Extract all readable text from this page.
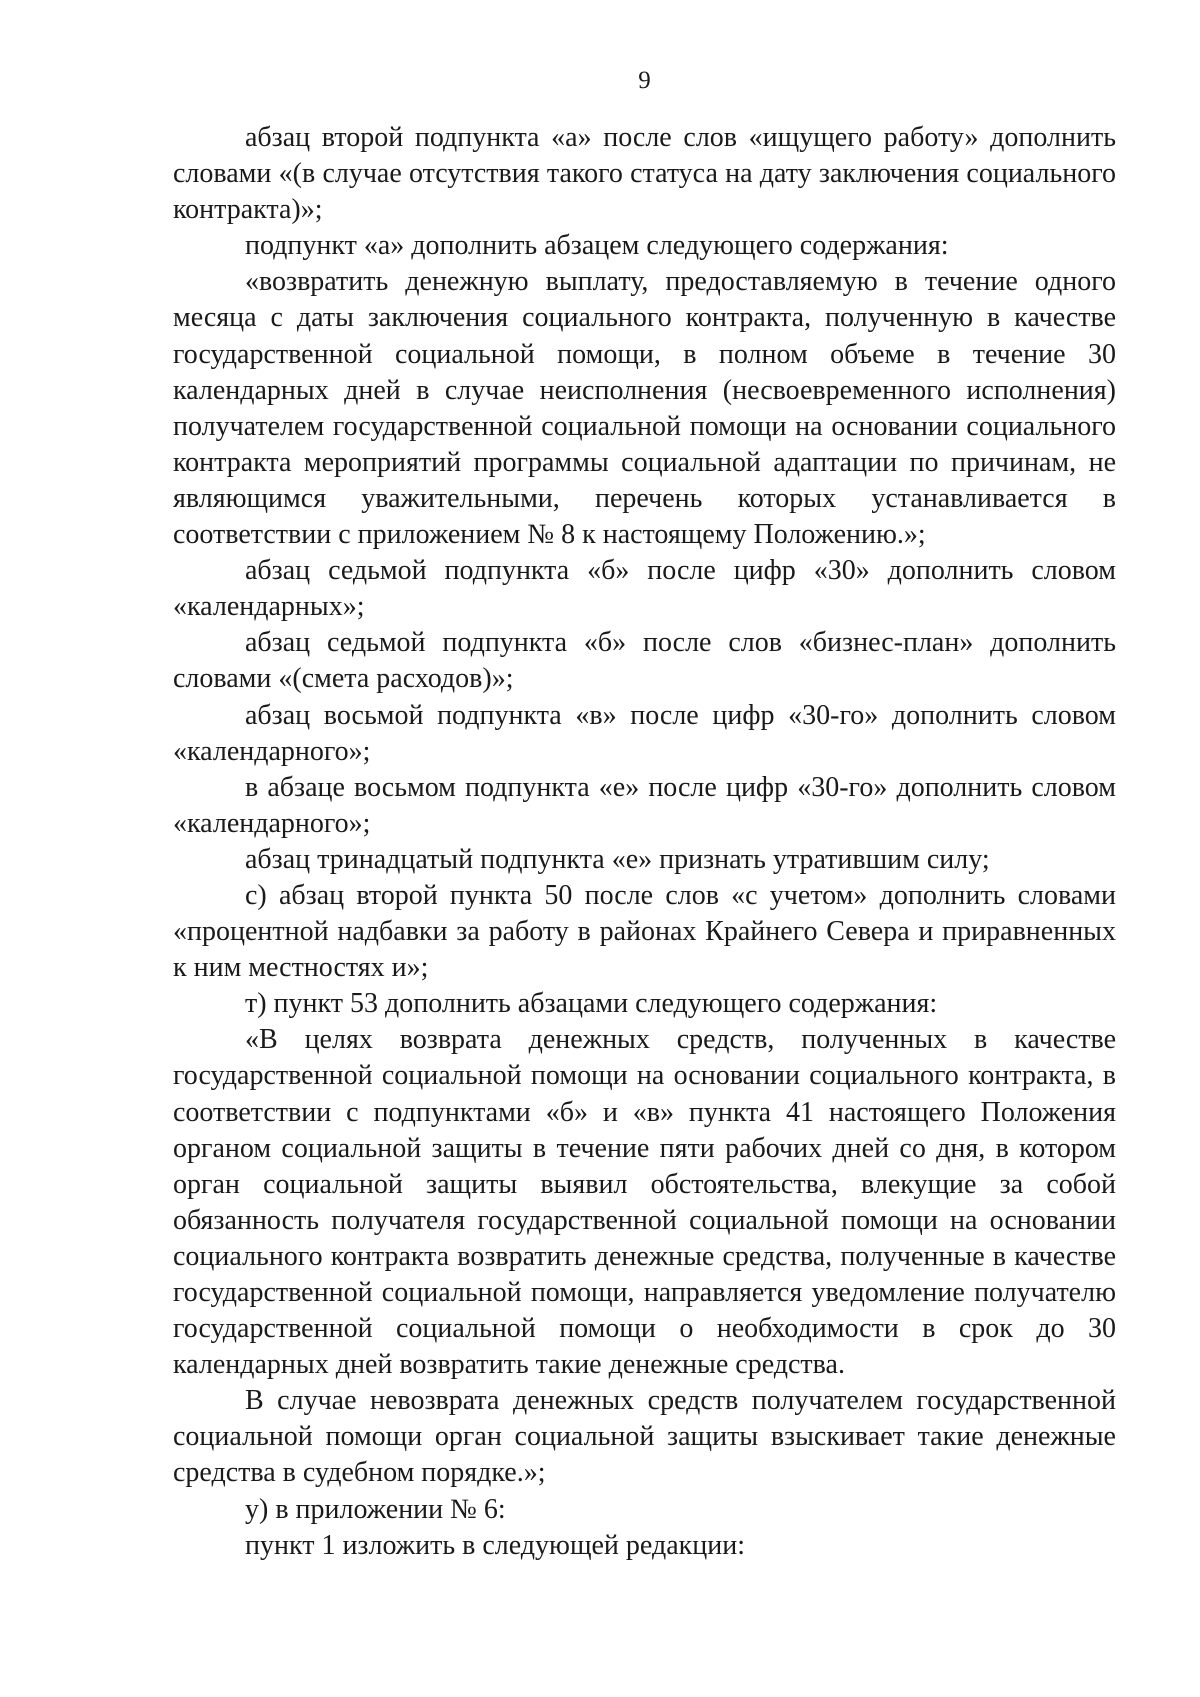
9

абзац второй подпункта «а» после слов «ищущего работу» дополнить словами «(в случае отсутствия такого статуса на дату заключения социального контракта)»;

подпункт «а» дополнить абзацем следующего содержания:

«возвратить денежную выплату, предоставляемую в течение одного месяца с даты заключения социального контракта, полученную в качестве государственной социальной помощи, в полном объеме в течение 30 календарных дней в случае неисполнения (несвоевременного исполнения) получателем государственной социальной помощи на основании социального контракта мероприятий программы социальной адаптации по причинам, не являющимся уважительными, перечень которых устанавливается в соответствии с приложением № 8 к настоящему Положению.»;

абзац седьмой подпункта «б» после цифр «30» дополнить словом «календарных»;

абзац седьмой подпункта «б» после слов «бизнес-план» дополнить словами «(смета расходов)»;

абзац восьмой подпункта «в» после цифр «30-го» дополнить словом «календарного»;

в абзаце восьмом подпункта «е» после цифр «30-го» дополнить словом «календарного»;

абзац тринадцатый подпункта «е» признать утратившим силу;

с) абзац второй пункта 50 после слов «с учетом» дополнить словами «процентной надбавки за работу в районах Крайнего Севера и приравненных к ним местностях и»;

т) пункт 53 дополнить абзацами следующего содержания:

«В целях возврата денежных средств, полученных в качестве государственной социальной помощи на основании социального контракта, в соответствии с подпунктами «б» и «в» пункта 41 настоящего Положения органом социальной защиты в течение пяти рабочих дней со дня, в котором орган социальной защиты выявил обстоятельства, влекущие за собой обязанность получателя государственной социальной помощи на основании социального контракта возвратить денежные средства, полученные в качестве государственной социальной помощи, направляется уведомление получателю государственной социальной помощи о необходимости в срок до 30 календарных дней возвратить такие денежные средства.

В случае невозврата денежных средств получателем государственной социальной помощи орган социальной защиты взыскивает такие денежные средства в судебном порядке.»;

у) в приложении № 6:

пункт 1 изложить в следующей редакции:
